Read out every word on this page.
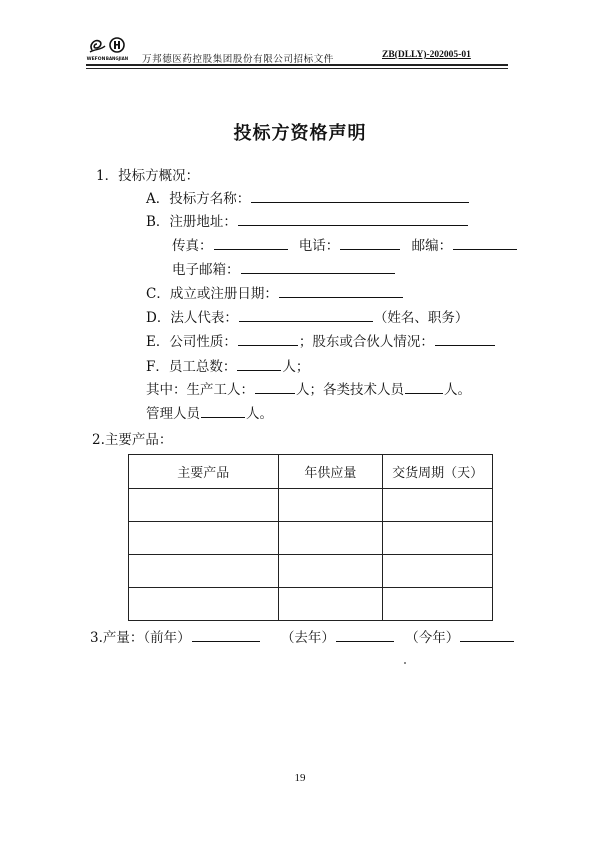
WEFON BANGJIAN 万邦德医药控股集团股份有限公司招标文件	ZB(DLLY)-202005-01
投标方资格声明
1．投标方概况：
A．投标方名称：
B．注册地址：
传真：	电话：	邮编：
电子邮箱：
C．成立或注册日期：
D．法人代表：	（姓名、职务）
E．公司性质：	；股东或合伙人情况：
F．员工总数：	人；
其中：生产工人：	人；各类技术人员	人。
管理人员	人。
2.主要产品：
主要产品	年供应量	交货周期（天）

3.产量：（前年）	（去年）	（今年）
19
